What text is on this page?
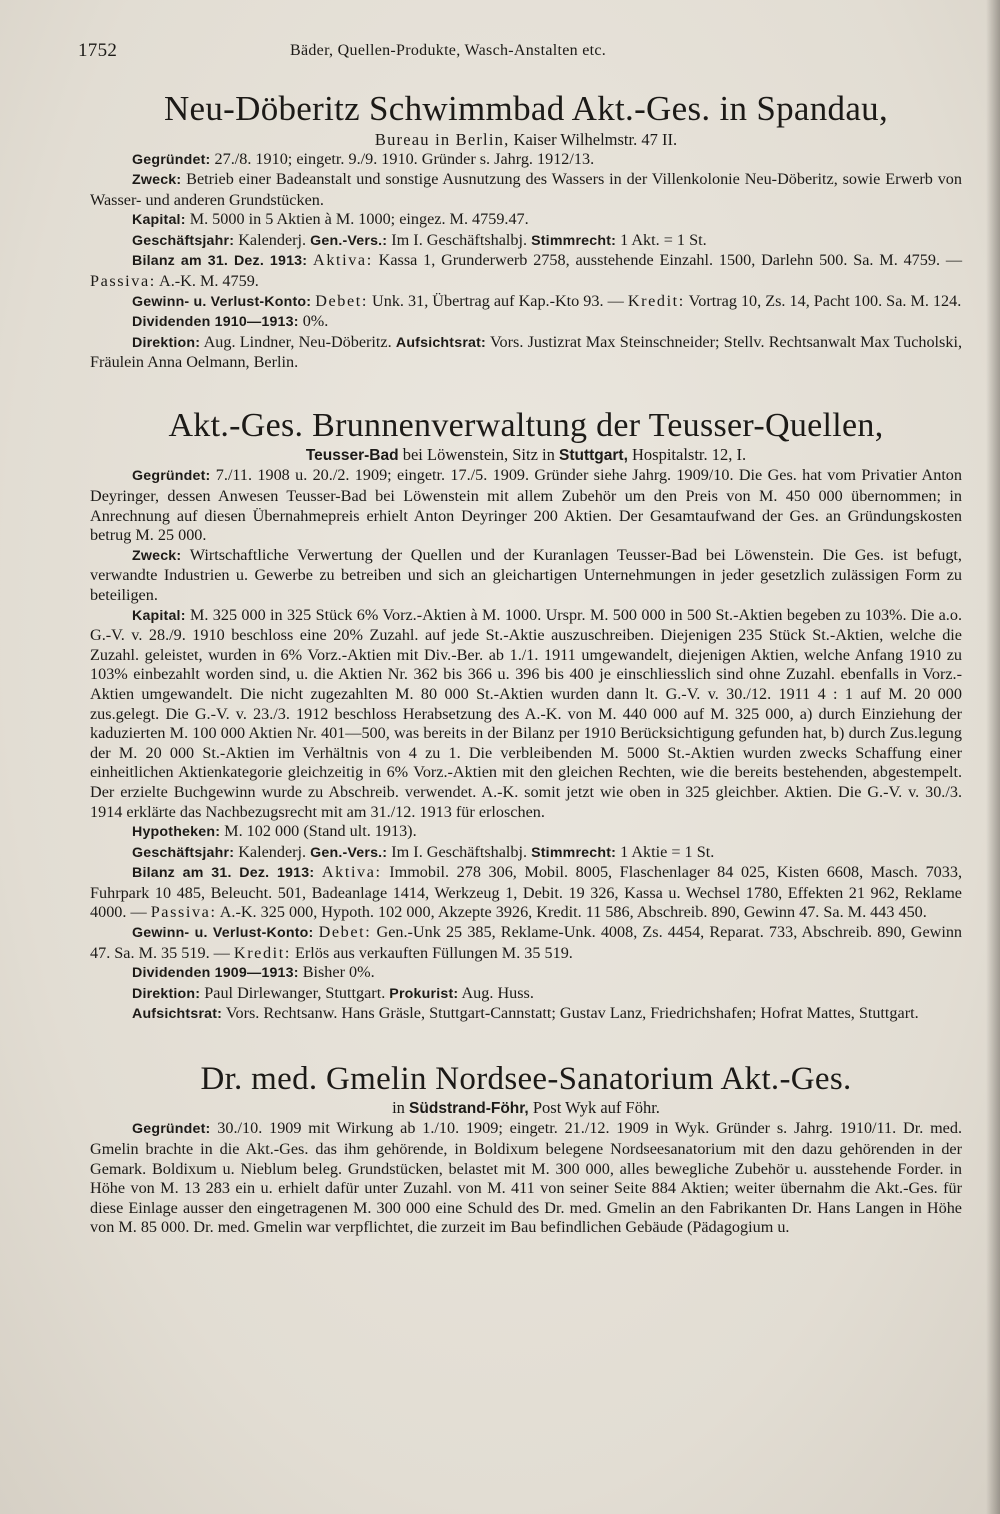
1752	Bäder, Quellen-Produkte, Wasch-Anstalten etc.
Neu-Döberitz Schwimmbad Akt.-Ges. in Spandau,
Bureau in Berlin, Kaiser Wilhelmstr. 47 II.

Gegründet: 27./8. 1910; eingetr. 9./9. 1910. Gründer s. Jahrg. 1912/13.

Zweck: Betrieb einer Badeanstalt und sonstige Ausnutzung des Wassers in der Villenkolonie Neu-Döberitz, sowie Erwerb von Wasser- und anderen Grundstücken.

Kapital: M. 5000 in 5 Aktien à M. 1000; eingez. M. 4759.47.

Geschäftsjahr: Kalenderj. Gen.-Vers.: Im I. Geschäftshalbj. Stimmrecht: 1 Akt. = 1 St.

Bilanz am 31. Dez. 1913: Aktiva: Kassa 1, Grunderwerb 2758, ausstehende Einzahl. 1500, Darlehn 500. Sa. M. 4759. — Passiva: A.-K. M. 4759.

Gewinn- u. Verlust-Konto: Debet: Unk. 31, Übertrag auf Kap.-Kto 93. — Kredit: Vortrag 10, Zs. 14, Pacht 100. Sa. M. 124.

Dividenden 1910—1913: 0%.

Direktion: Aug. Lindner, Neu-Döberitz. Aufsichtsrat: Vors. Justizrat Max Steinschneider; Stellv. Rechtsanwalt Max Tucholski, Fräulein Anna Oelmann, Berlin.

Akt.-Ges. Brunnenverwaltung der Teusser-Quellen,
Teusser-Bad bei Löwenstein, Sitz in Stuttgart, Hospitalstr. 12, I.

Gegründet: 7./11. 1908 u. 20./2. 1909; eingetr. 17./5. 1909. Gründer siehe Jahrg. 1909/10. Die Ges. hat vom Privatier Anton Deyringer, dessen Anwesen Teusser-Bad bei Löwenstein mit allem Zubehör um den Preis von M. 450 000 übernommen; in Anrechnung auf diesen Übernahmepreis erhielt Anton Deyringer 200 Aktien. Der Gesamtaufwand der Ges. an Gründungskosten betrug M. 25 000.

Zweck: Wirtschaftliche Verwertung der Quellen und der Kuranlagen Teusser-Bad bei Löwenstein. Die Ges. ist befugt, verwandte Industrien u. Gewerbe zu betreiben und sich an gleichartigen Unternehmungen in jeder gesetzlich zulässigen Form zu beteiligen.

Kapital: M. 325 000 in 325 Stück 6% Vorz.-Aktien à M. 1000. Urspr. M. 500 000 in 500 St.-Aktien begeben zu 103%. Die a.o. G.-V. v. 28./9. 1910 beschloss eine 20% Zuzahl. auf jede St.-Aktie auszuschreiben. Diejenigen 235 Stück St.-Aktien, welche die Zuzahl. geleistet, wurden in 6% Vorz.-Aktien mit Div.-Ber. ab 1./1. 1911 umgewandelt, diejenigen Aktien, welche Anfang 1910 zu 103% einbezahlt worden sind, u. die Aktien Nr. 362 bis 366 u. 396 bis 400 je einschliesslich sind ohne Zuzahl. ebenfalls in Vorz.-Aktien umgewandelt. Die nicht zugezahlten M. 80 000 St.-Aktien wurden dann lt. G.-V. v. 30./12. 1911 4 : 1 auf M. 20 000 zus.gelegt. Die G.-V. v. 23./3. 1912 beschloss Herabsetzung des A.-K. von M. 440 000 auf M. 325 000, a) durch Einziehung der kaduzierten M. 100 000 Aktien Nr. 401—500, was bereits in der Bilanz per 1910 Berücksichtigung gefunden hat, b) durch Zus.legung der M. 20 000 St.-Aktien im Verhältnis von 4 zu 1. Die verbleibenden M. 5000 St.-Aktien wurden zwecks Schaffung einer einheitlichen Aktienkategorie gleichzeitig in 6% Vorz.-Aktien mit den gleichen Rechten, wie die bereits bestehenden, abgestempelt. Der erzielte Buchgewinn wurde zu Abschreib. verwendet. A.-K. somit jetzt wie oben in 325 gleichber. Aktien. Die G.-V. v. 30./3. 1914 erklärte das Nachbezugsrecht mit am 31./12. 1913 für erloschen.

Hypotheken: M. 102 000 (Stand ult. 1913).

Geschäftsjahr: Kalenderj. Gen.-Vers.: Im I. Geschäftshalbj. Stimmrecht: 1 Aktie = 1 St.

Bilanz am 31. Dez. 1913: Aktiva: Immobil. 278 306, Mobil. 8005, Flaschenlager 84 025, Kisten 6608, Masch. 7033, Fuhrpark 10 485, Beleucht. 501, Badeanlage 1414, Werkzeug 1, Debit. 19 326, Kassa u. Wechsel 1780, Effekten 21 962, Reklame 4000. — Passiva: A.-K. 325 000, Hypoth. 102 000, Akzepte 3926, Kredit. 11 586, Abschreib. 890, Gewinn 47. Sa. M. 443 450.

Gewinn- u. Verlust-Konto: Debet: Gen.-Unk 25 385, Reklame-Unk. 4008, Zs. 4454, Reparat. 733, Abschreib. 890, Gewinn 47. Sa. M. 35 519. — Kredit: Erlös aus verkauften Füllungen M. 35 519.

Dividenden 1909—1913: Bisher 0%.

Direktion: Paul Dirlewanger, Stuttgart. Prokurist: Aug. Huss.

Aufsichtsrat: Vors. Rechtsanw. Hans Gräsle, Stuttgart-Cannstatt; Gustav Lanz, Friedrichshafen; Hofrat Mattes, Stuttgart.

Dr. med. Gmelin Nordsee-Sanatorium Akt.-Ges.
in Südstrand-Föhr, Post Wyk auf Föhr.

Gegründet: 30./10. 1909 mit Wirkung ab 1./10. 1909; eingetr. 21./12. 1909 in Wyk. Gründer s. Jahrg. 1910/11. Dr. med. Gmelin brachte in die Akt.-Ges. das ihm gehörende, in Boldixum belegene Nordseesanatorium mit den dazu gehörenden in der Gemark. Boldixum u. Nieblum beleg. Grundstücken, belastet mit M. 300 000, alles bewegliche Zubehör u. ausstehende Forder. in Höhe von M. 13 283 ein u. erhielt dafür unter Zuzahl. von M. 411 von seiner Seite 884 Aktien; weiter übernahm die Akt.-Ges. für diese Einlage ausser den eingetragenen M. 300 000 eine Schuld des Dr. med. Gmelin an den Fabrikanten Dr. Hans Langen in Höhe von M. 85 000. Dr. med. Gmelin war verpflichtet, die zurzeit im Bau befindlichen Gebäude (Pädagogium u.
